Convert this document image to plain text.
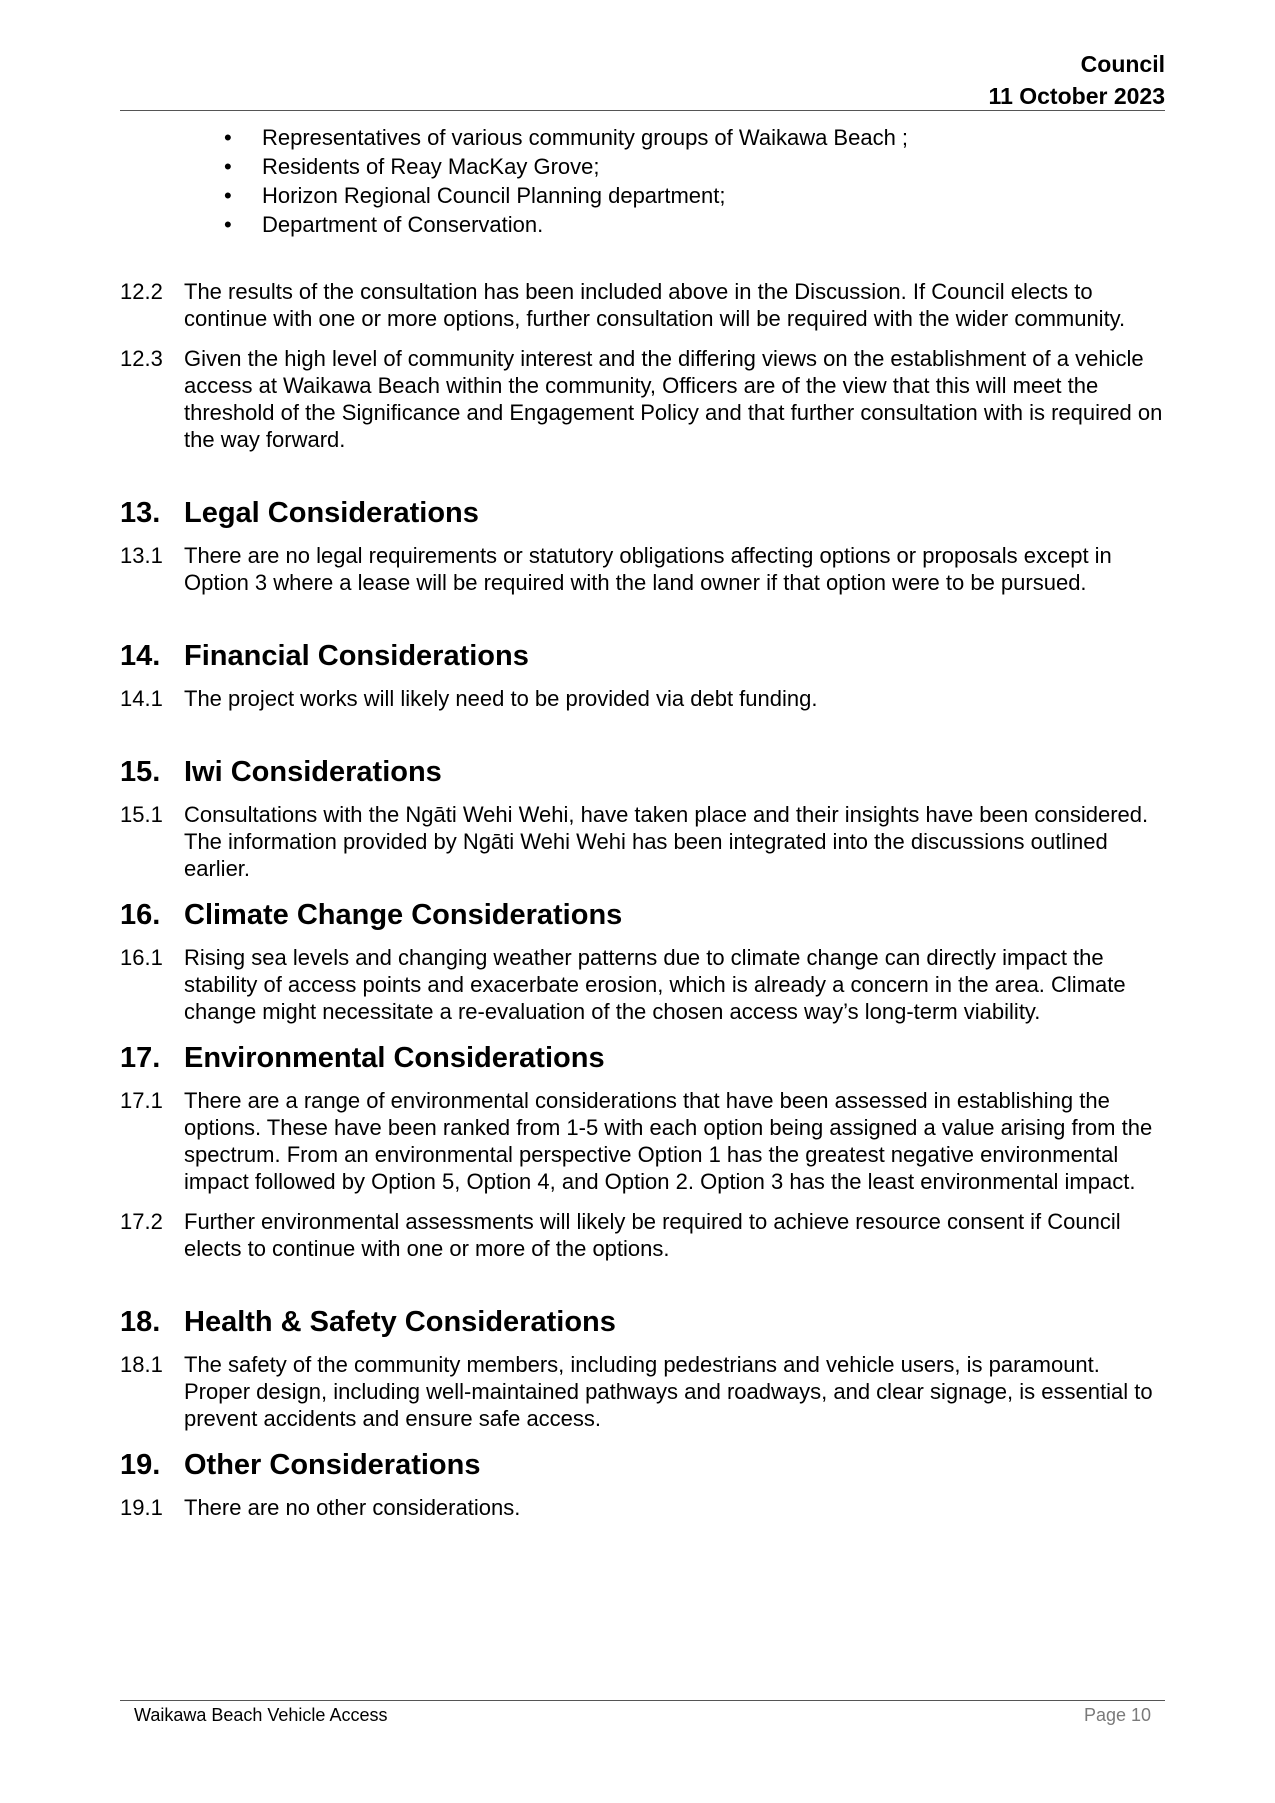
Council
11 October 2023
• Representatives of various community groups of Waikawa Beach ;
• Residents of Reay MacKay Grove;
• Horizon Regional Council Planning department;
• Department of Conservation.
12.2 The results of the consultation has been included above in the Discussion. If Council elects to continue with one or more options, further consultation will be required with the wider community.
12.3 Given the high level of community interest and the differing views on the establishment of a vehicle access at Waikawa Beach within the community, Officers are of the view that this will meet the threshold of the Significance and Engagement Policy and that further consultation with is required on the way forward.
13. Legal Considerations
13.1 There are no legal requirements or statutory obligations affecting options or proposals except in Option 3 where a lease will be required with the land owner if that option were to be pursued.
14. Financial Considerations
14.1 The project works will likely need to be provided via debt funding.
15. Iwi Considerations
15.1 Consultations with the Ngāti Wehi Wehi, have taken place and their insights have been considered. The information provided by Ngāti Wehi Wehi has been integrated into the discussions outlined earlier.
16. Climate Change Considerations
16.1 Rising sea levels and changing weather patterns due to climate change can directly impact the stability of access points and exacerbate erosion, which is already a concern in the area. Climate change might necessitate a re-evaluation of the chosen access way’s long-term viability.
17. Environmental Considerations
17.1 There are a range of environmental considerations that have been assessed in establishing the options. These have been ranked from 1-5 with each option being assigned a value arising from the spectrum. From an environmental perspective Option 1 has the greatest negative environmental impact followed by Option 5, Option 4, and Option 2. Option 3 has the least environmental impact.
17.2 Further environmental assessments will likely be required to achieve resource consent if Council elects to continue with one or more of the options.
18. Health & Safety Considerations
18.1 The safety of the community members, including pedestrians and vehicle users, is paramount. Proper design, including well-maintained pathways and roadways, and clear signage, is essential to prevent accidents and ensure safe access.
19. Other Considerations
19.1 There are no other considerations.
Waikawa Beach Vehicle Access	Page 10
